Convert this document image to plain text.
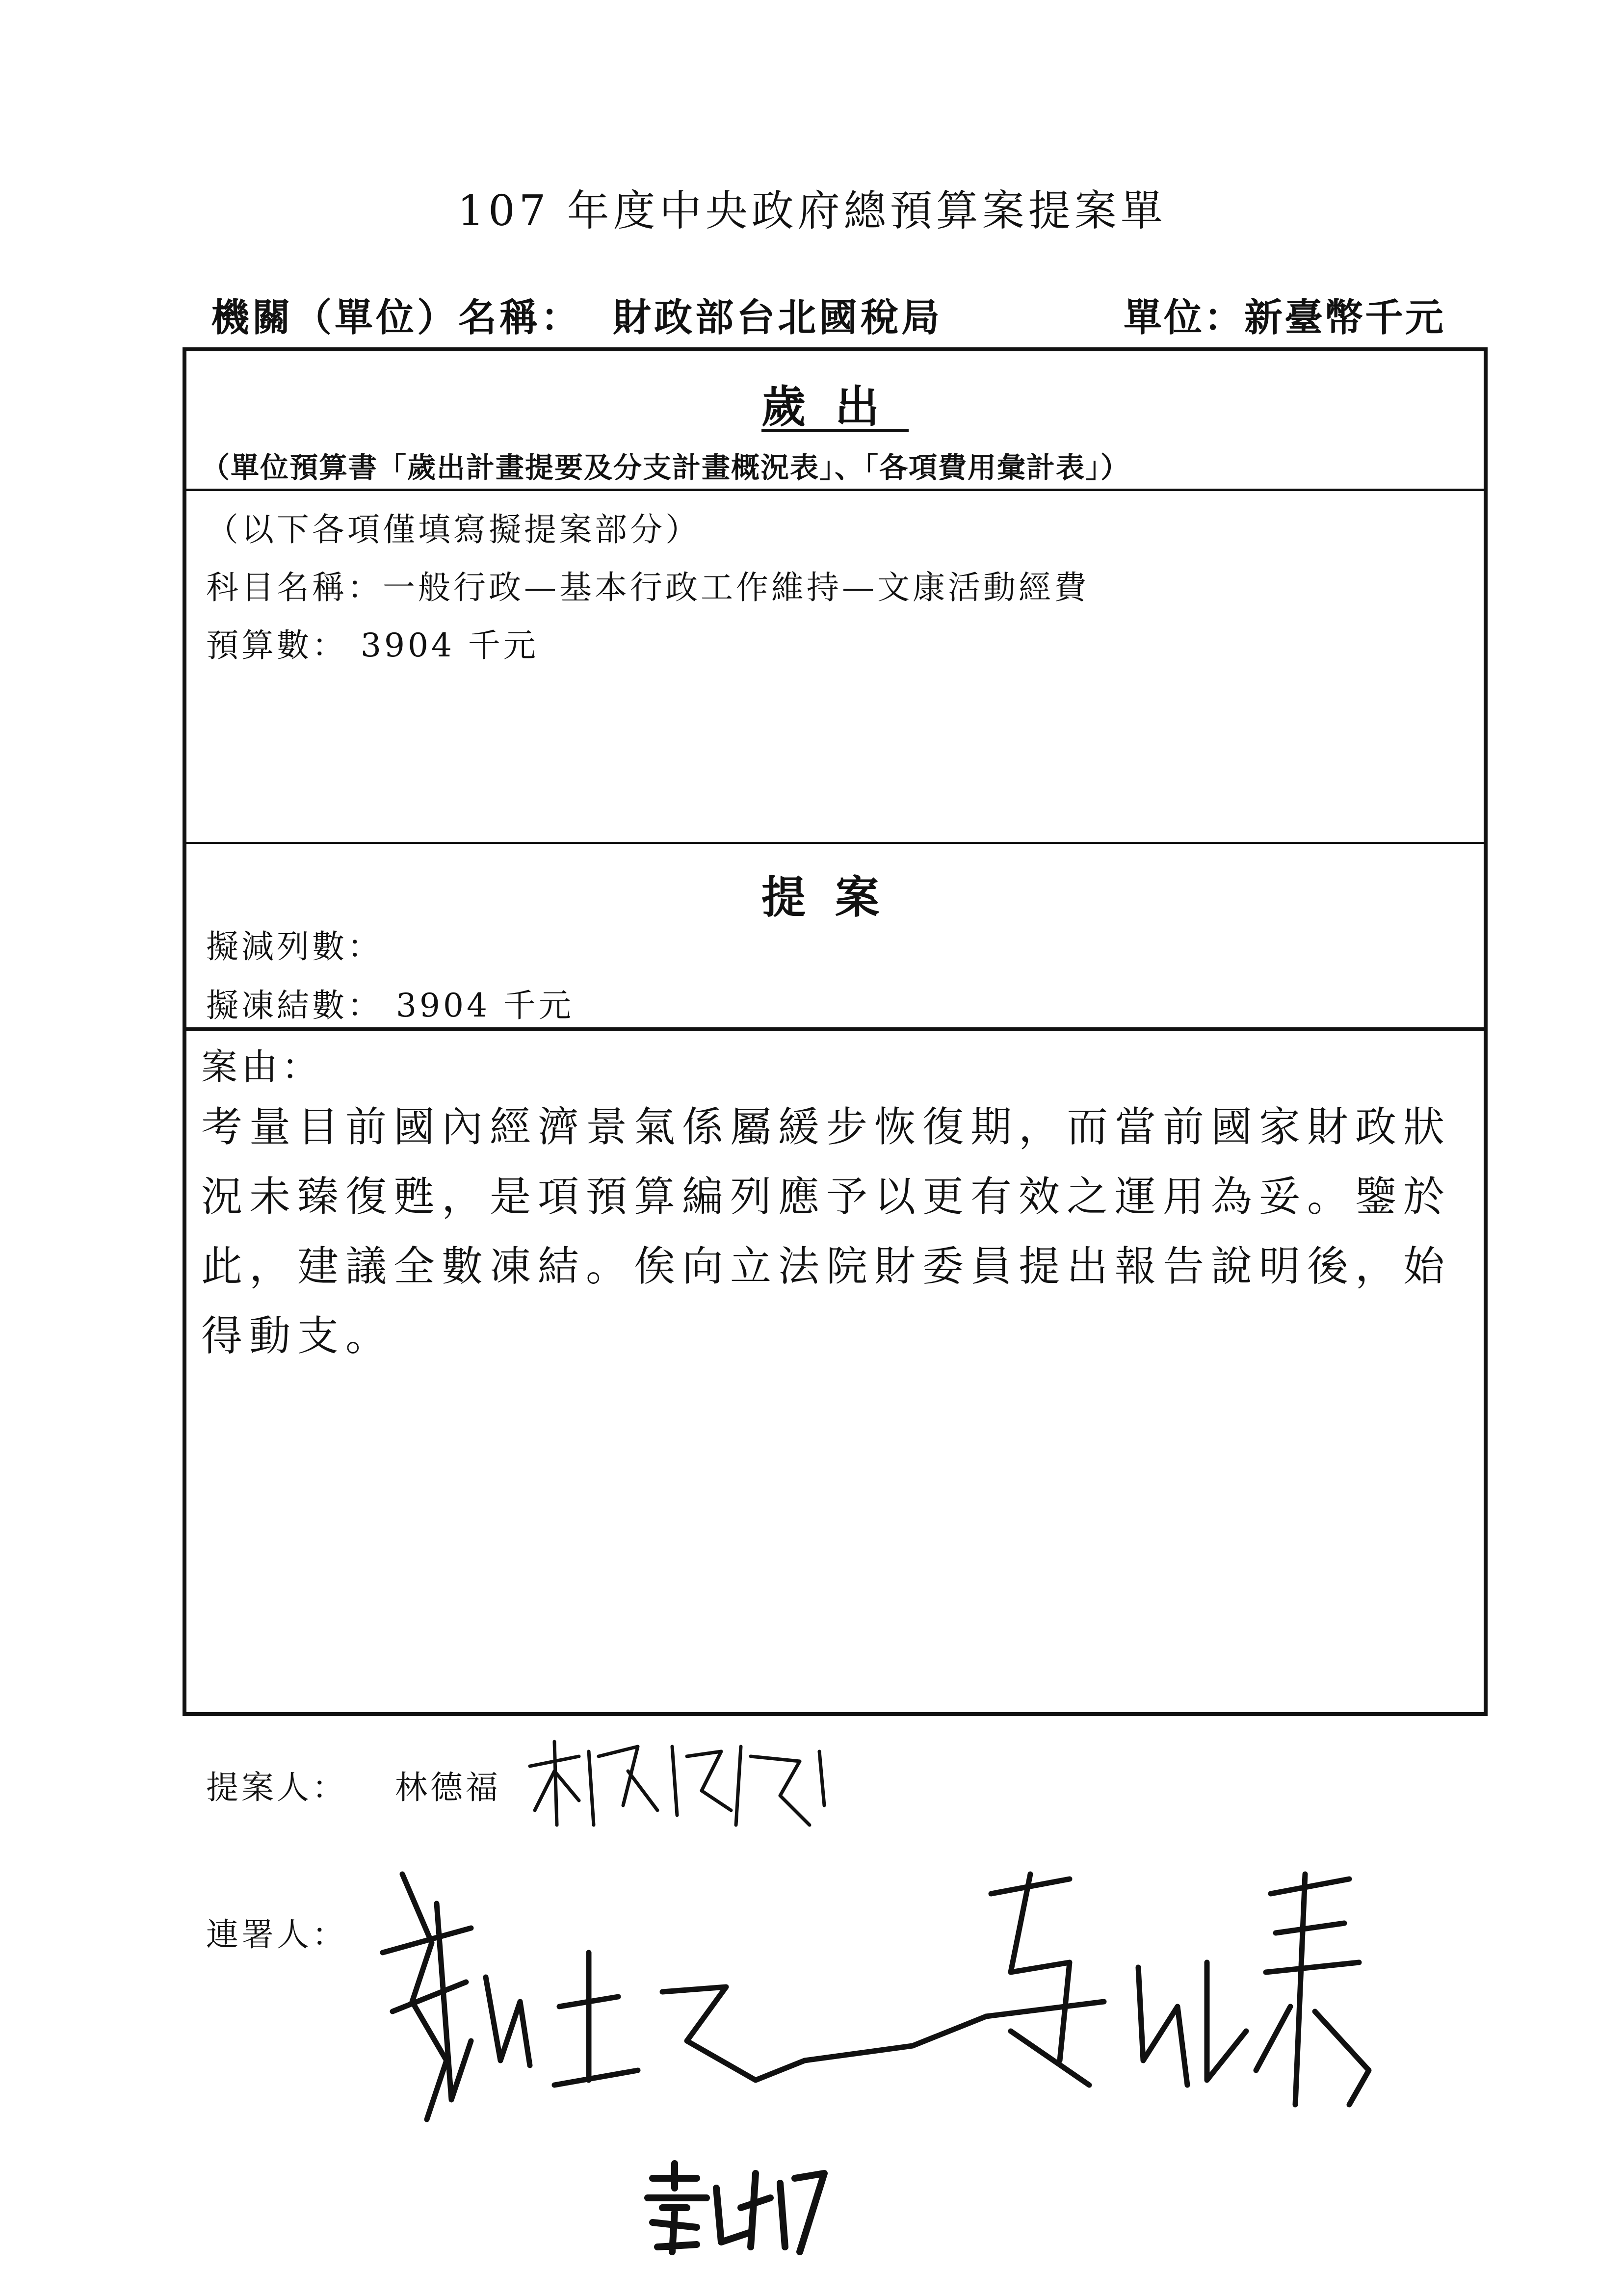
107 年度中央政府總預算案提案單
機關（單位）名稱： 財政部台北國稅局	單位：新臺幣千元
歲出
（單位預算書「歲出計畫提要及分支計畫概況表」、「各項費用彙計表」）
（以下各項僅填寫擬提案部分）
科目名稱：一般行政—基本行政工作維持—文康活動經費
預算數： 3904 千元
提案
擬減列數：
擬凍結數： 3904 千元
案由：
考量目前國內經濟景氣係屬緩步恢復期，而當前國家財政狀況未臻復甦，是項預算編列應予以更有效之運用為妥。鑒於此，建議全數凍結。俟向立法院財委員提出報告說明後，始得動支。
提案人： 林德福
連署人：
